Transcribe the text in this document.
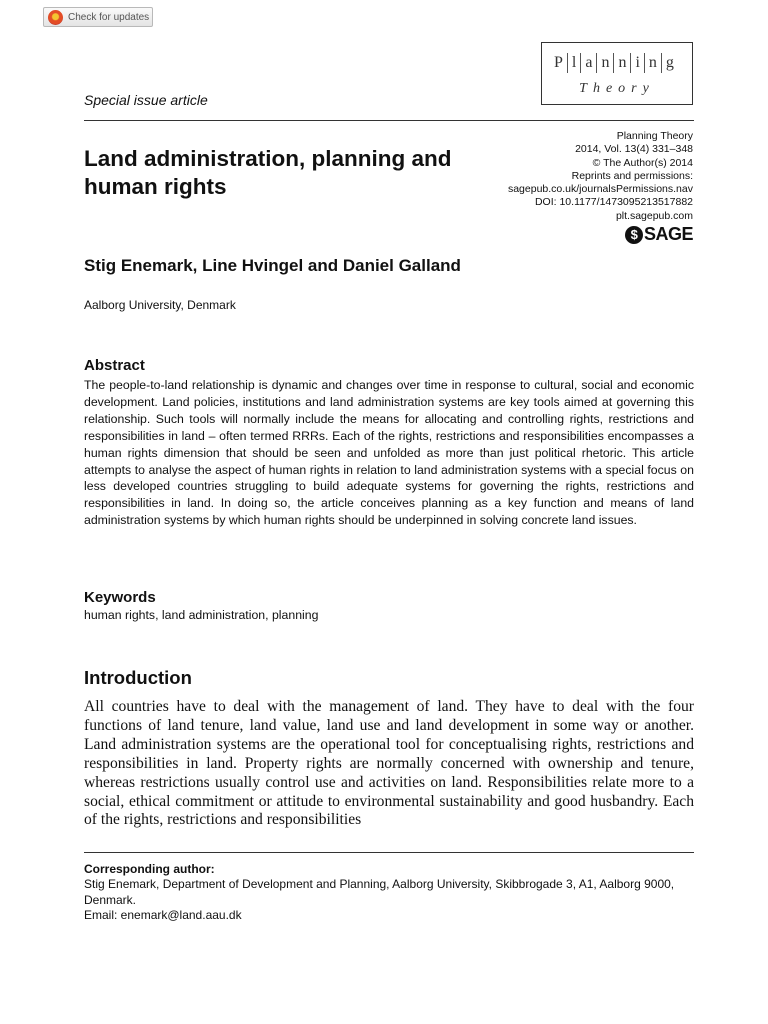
Check for updates
P l a n n i n g
Theory
Special issue article
Land administration, planning and human rights
Planning Theory
2014, Vol. 13(4) 331–348
© The Author(s) 2014
Reprints and permissions:
sagepub.co.uk/journalsPermissions.nav
DOI: 10.1177/1473095213517882
plt.sagepub.com
$ SAGE
Stig Enemark, Line Hvingel and Daniel Galland
Aalborg University, Denmark
Abstract

The people-to-land relationship is dynamic and changes over time in response to cultural, social and economic development. Land policies, institutions and land administration systems are key tools aimed at governing this relationship. Such tools will normally include the means for allocating and controlling rights, restrictions and responsibilities in land – often termed RRRs. Each of the rights, restrictions and responsibilities encompasses a human rights dimension that should be seen and unfolded as more than just political rhetoric. This article attempts to analyse the aspect of human rights in relation to land administration systems with a special focus on less developed countries struggling to build adequate systems for governing the rights, restrictions and responsibilities in land. In doing so, the article conceives planning as a key function and means of land administration systems by which human rights should be underpinned in solving concrete land issues.

Keywords
human rights, land administration, planning
Introduction

All countries have to deal with the management of land. They have to deal with the four functions of land tenure, land value, land use and land development in some way or another. Land administration systems are the operational tool for conceptualising rights, restrictions and responsibilities in land. Property rights are normally concerned with ownership and tenure, whereas restrictions usually control use and activities on land. Responsibilities relate more to a social, ethical commitment or attitude to environmental sustainability and good husbandry. Each of the rights, restrictions and responsibilities

Corresponding author:
Stig Enemark, Department of Development and Planning, Aalborg University, Skibbrogade 3, A1, Aalborg 9000, Denmark.
Email: enemark@land.aau.dk
